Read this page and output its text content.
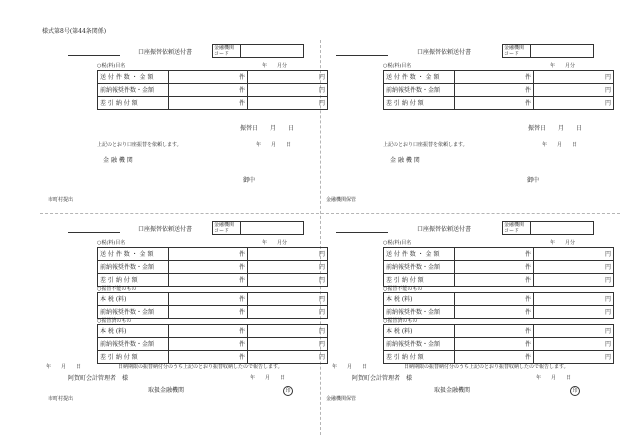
様式第8号(第44条関係)
口座振替依頼送付書
金融機関
コード
○税(料)目名	年　　月分
送 付 件 数 ・ 金 額	件	円
前納報奨件数・金額	件	円
差 引 納 付 額	件	円
振替日　　月　　日
上記のとおり口座振替を依頼します。	年　　月　　日
金 融 機 関
御中
市町村提出
口座振替依頼送付書
金融機関
コード
○税(料)目名	年　　月分
送 付 件 数 ・ 金 額	件	円
前納報奨件数・金額	件	円
差 引 納 付 額	件	円
振替日　　月　　日
上記のとおり口座振替を依頼します。	年　　月　　日
金 融 機 関
御中
金融機関保管
口座振替依頼送付書
金融機関
コード
○税(料)目名	年　　月分
送 付 件 数 ・ 金 額	件	円
前納報奨件数・金額	件	円
差 引 納 付 額	件	円
○振替不能のもの
本 税 (料)	件	円
前納報奨件数・金額	件	円
○振替済のもの
本 税 (料)	件	円
前納報奨件数・金額	件	円
差 引 納 付 額	件	円
年　　月　　日	日納期限の振替納付分のうち上記のとおり振替収納したので報告します。
阿賀町会計管理者　様	年　　月　　日
取扱金融機関	印
市町村提出
口座振替依頼送付書
金融機関
コード
○税(料)目名	年　　月分
送 付 件 数 ・ 金 額	件	円
前納報奨件数・金額	件	円
差 引 納 付 額	件	円
○振替不能のもの
本 税 (料)	件	円
前納報奨件数・金額	件	円
○振替済のもの
本 税 (料)	件	円
前納報奨件数・金額	件	円
差 引 納 付 額	件	円
年　　月　　日	日納期限の振替納付分のうち上記のとおり振替収納したので報告します。
阿賀町会計管理者　様	年　　月　　日
取扱金融機関	印
金融機関保管
